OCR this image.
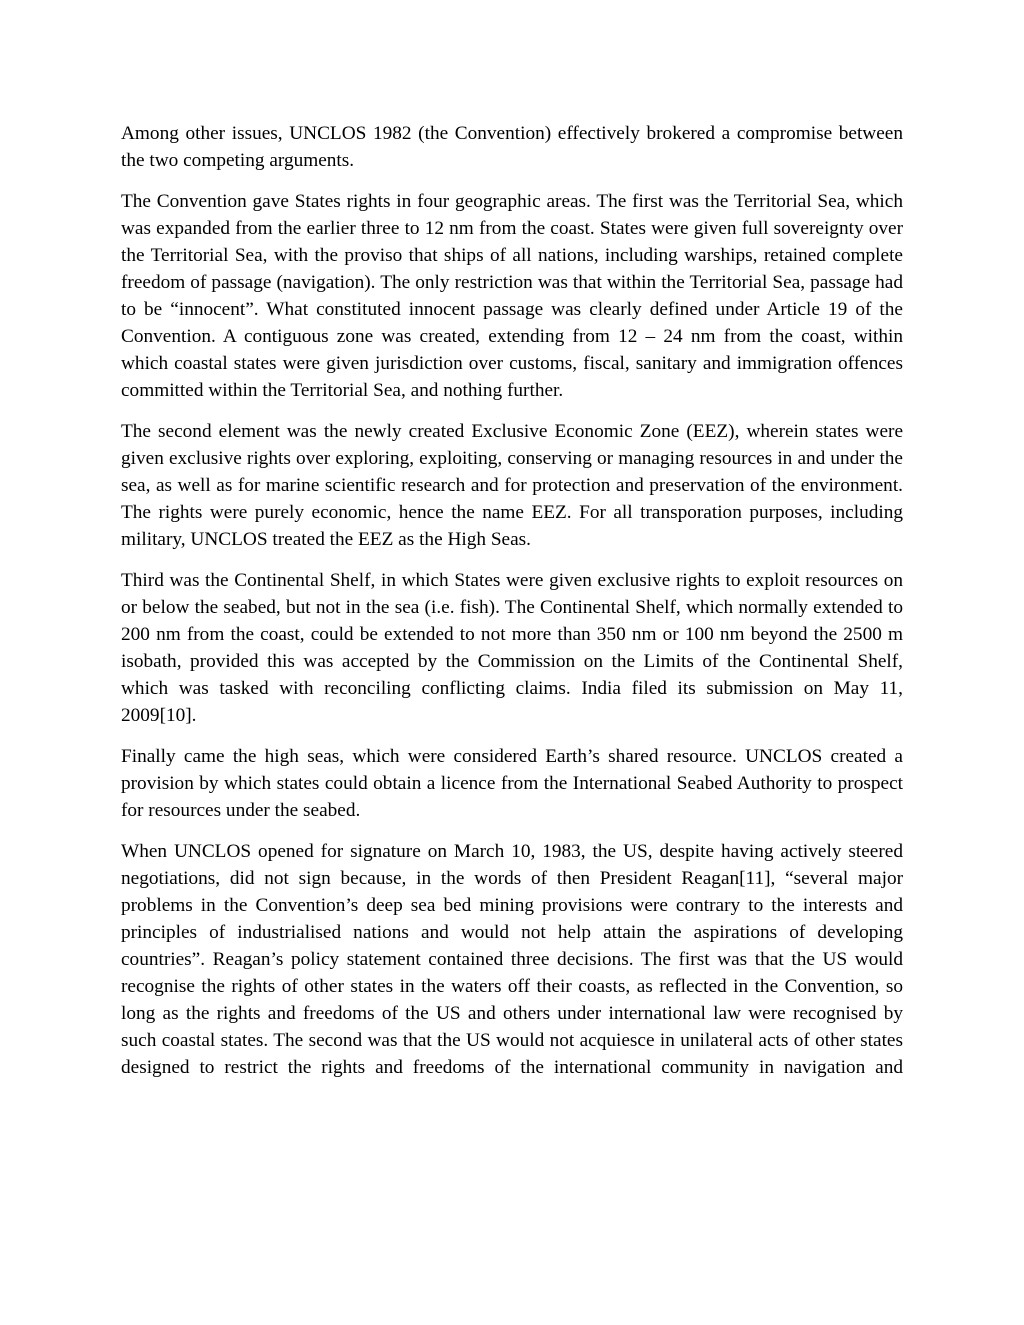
Among other issues, UNCLOS 1982 (the Convention) effectively brokered a compromise between the two competing arguments.

The Convention gave States rights in four geographic areas. The first was the Territorial Sea, which was expanded from the earlier three to 12 nm from the coast. States were given full sovereignty over the Territorial Sea, with the proviso that ships of all nations, including warships, retained complete freedom of passage (navigation). The only restriction was that within the Territorial Sea, passage had to be “innocent”. What constituted innocent passage was clearly defined under Article 19 of the Convention. A contiguous zone was created, extending from 12 – 24 nm from the coast, within which coastal states were given jurisdiction over customs, fiscal, sanitary and immigration offences committed within the Territorial Sea, and nothing further.

The second element was the newly created Exclusive Economic Zone (EEZ), wherein states were given exclusive rights over exploring, exploiting, conserving or managing resources in and under the sea, as well as for marine scientific research and for protection and preservation of the environment. The rights were purely economic, hence the name EEZ. For all transporation purposes, including military, UNCLOS treated the EEZ as the High Seas.

Third was the Continental Shelf, in which States were given exclusive rights to exploit resources on or below the seabed, but not in the sea (i.e. fish). The Continental Shelf, which normally extended to 200 nm from the coast, could be extended to not more than 350 nm or 100 nm beyond the 2500 m isobath, provided this was accepted by the Commission on the Limits of the Continental Shelf, which was tasked with reconciling conflicting claims. India filed its submission on May 11, 2009[10].

Finally came the high seas, which were considered Earth’s shared resource. UNCLOS created a provision by which states could obtain a licence from the International Seabed Authority to prospect for resources under the seabed.

When UNCLOS opened for signature on March 10, 1983, the US, despite having actively steered negotiations, did not sign because, in the words of then President Reagan[11], “several major problems in the Convention’s deep sea bed mining provisions were contrary to the interests and principles of industrialised nations and would not help attain the aspirations of developing countries”. Reagan’s policy statement contained three decisions. The first was that the US would recognise the rights of other states in the waters off their coasts, as reflected in the Convention, so long as the rights and freedoms of the US and others under international law were recognised by such coastal states. The second was that the US would not acquiesce in unilateral acts of other states designed to restrict the rights and freedoms of the international community in navigation and
